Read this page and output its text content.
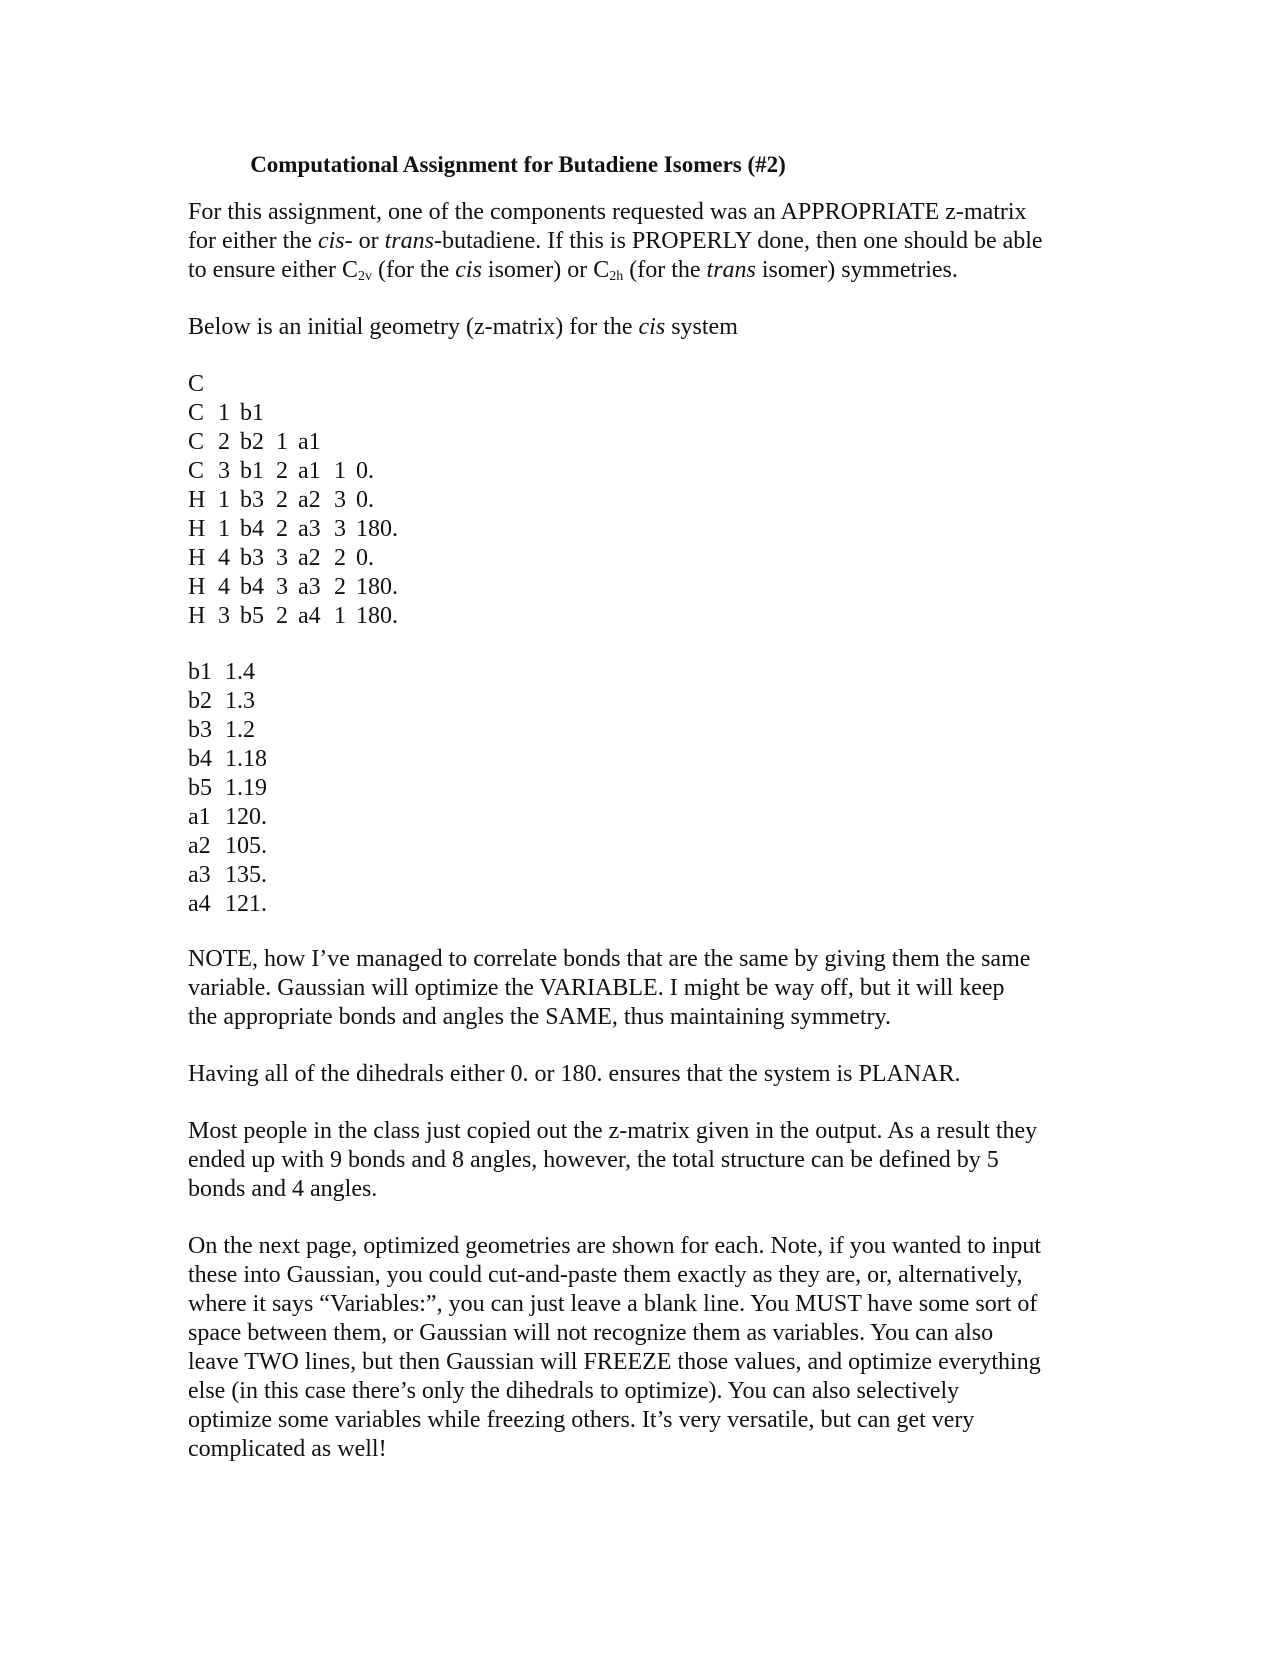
Computational Assignment for Butadiene Isomers (#2)
For this assignment, one of the components requested was an APPROPRIATE z-matrix
for either the cis- or trans-butadiene. If this is PROPERLY done, then one should be able
to ensure either $C_{2v}$ (for the cis isomer) or $C_{2h}$ (for the trans isomer) symmetries.
Below is an initial geometry (z-matrix) for the cis system
C
C 1 b1
C 2 b2 1 a1
C 3 b1 2 a1 1 0.
H 1 b3 2 a2 3 0.
H 1 b4 2 a3 3 180.
H 4 b3 3 a2 2 0.
H 4 b4 3 a3 2 180.
H 3 b5 2 a4 1 180.
b1 1.4
b2 1.3
b3 1.2
b4 1.18
b5 1.19
a1 120.
a2 105.
a3 135.
a4 121.
NOTE, how I’ve managed to correlate bonds that are the same by giving them the same
variable. Gaussian will optimize the VARIABLE. I might be way off, but it will keep
the appropriate bonds and angles the SAME, thus maintaining symmetry.
Having all of the dihedrals either 0. or 180. ensures that the system is PLANAR.
Most people in the class just copied out the z-matrix given in the output. As a result they
ended up with 9 bonds and 8 angles, however, the total structure can be defined by 5
bonds and 4 angles.
On the next page, optimized geometries are shown for each. Note, if you wanted to input
these into Gaussian, you could cut-and-paste them exactly as they are, or, alternatively,
where it says “Variables:”, you can just leave a blank line. You MUST have some sort of
space between them, or Gaussian will not recognize them as variables. You can also
leave TWO lines, but then Gaussian will FREEZE those values, and optimize everything
else (in this case there’s only the dihedrals to optimize). You can also selectively
optimize some variables while freezing others. It’s very versatile, but can get very
complicated as well!
